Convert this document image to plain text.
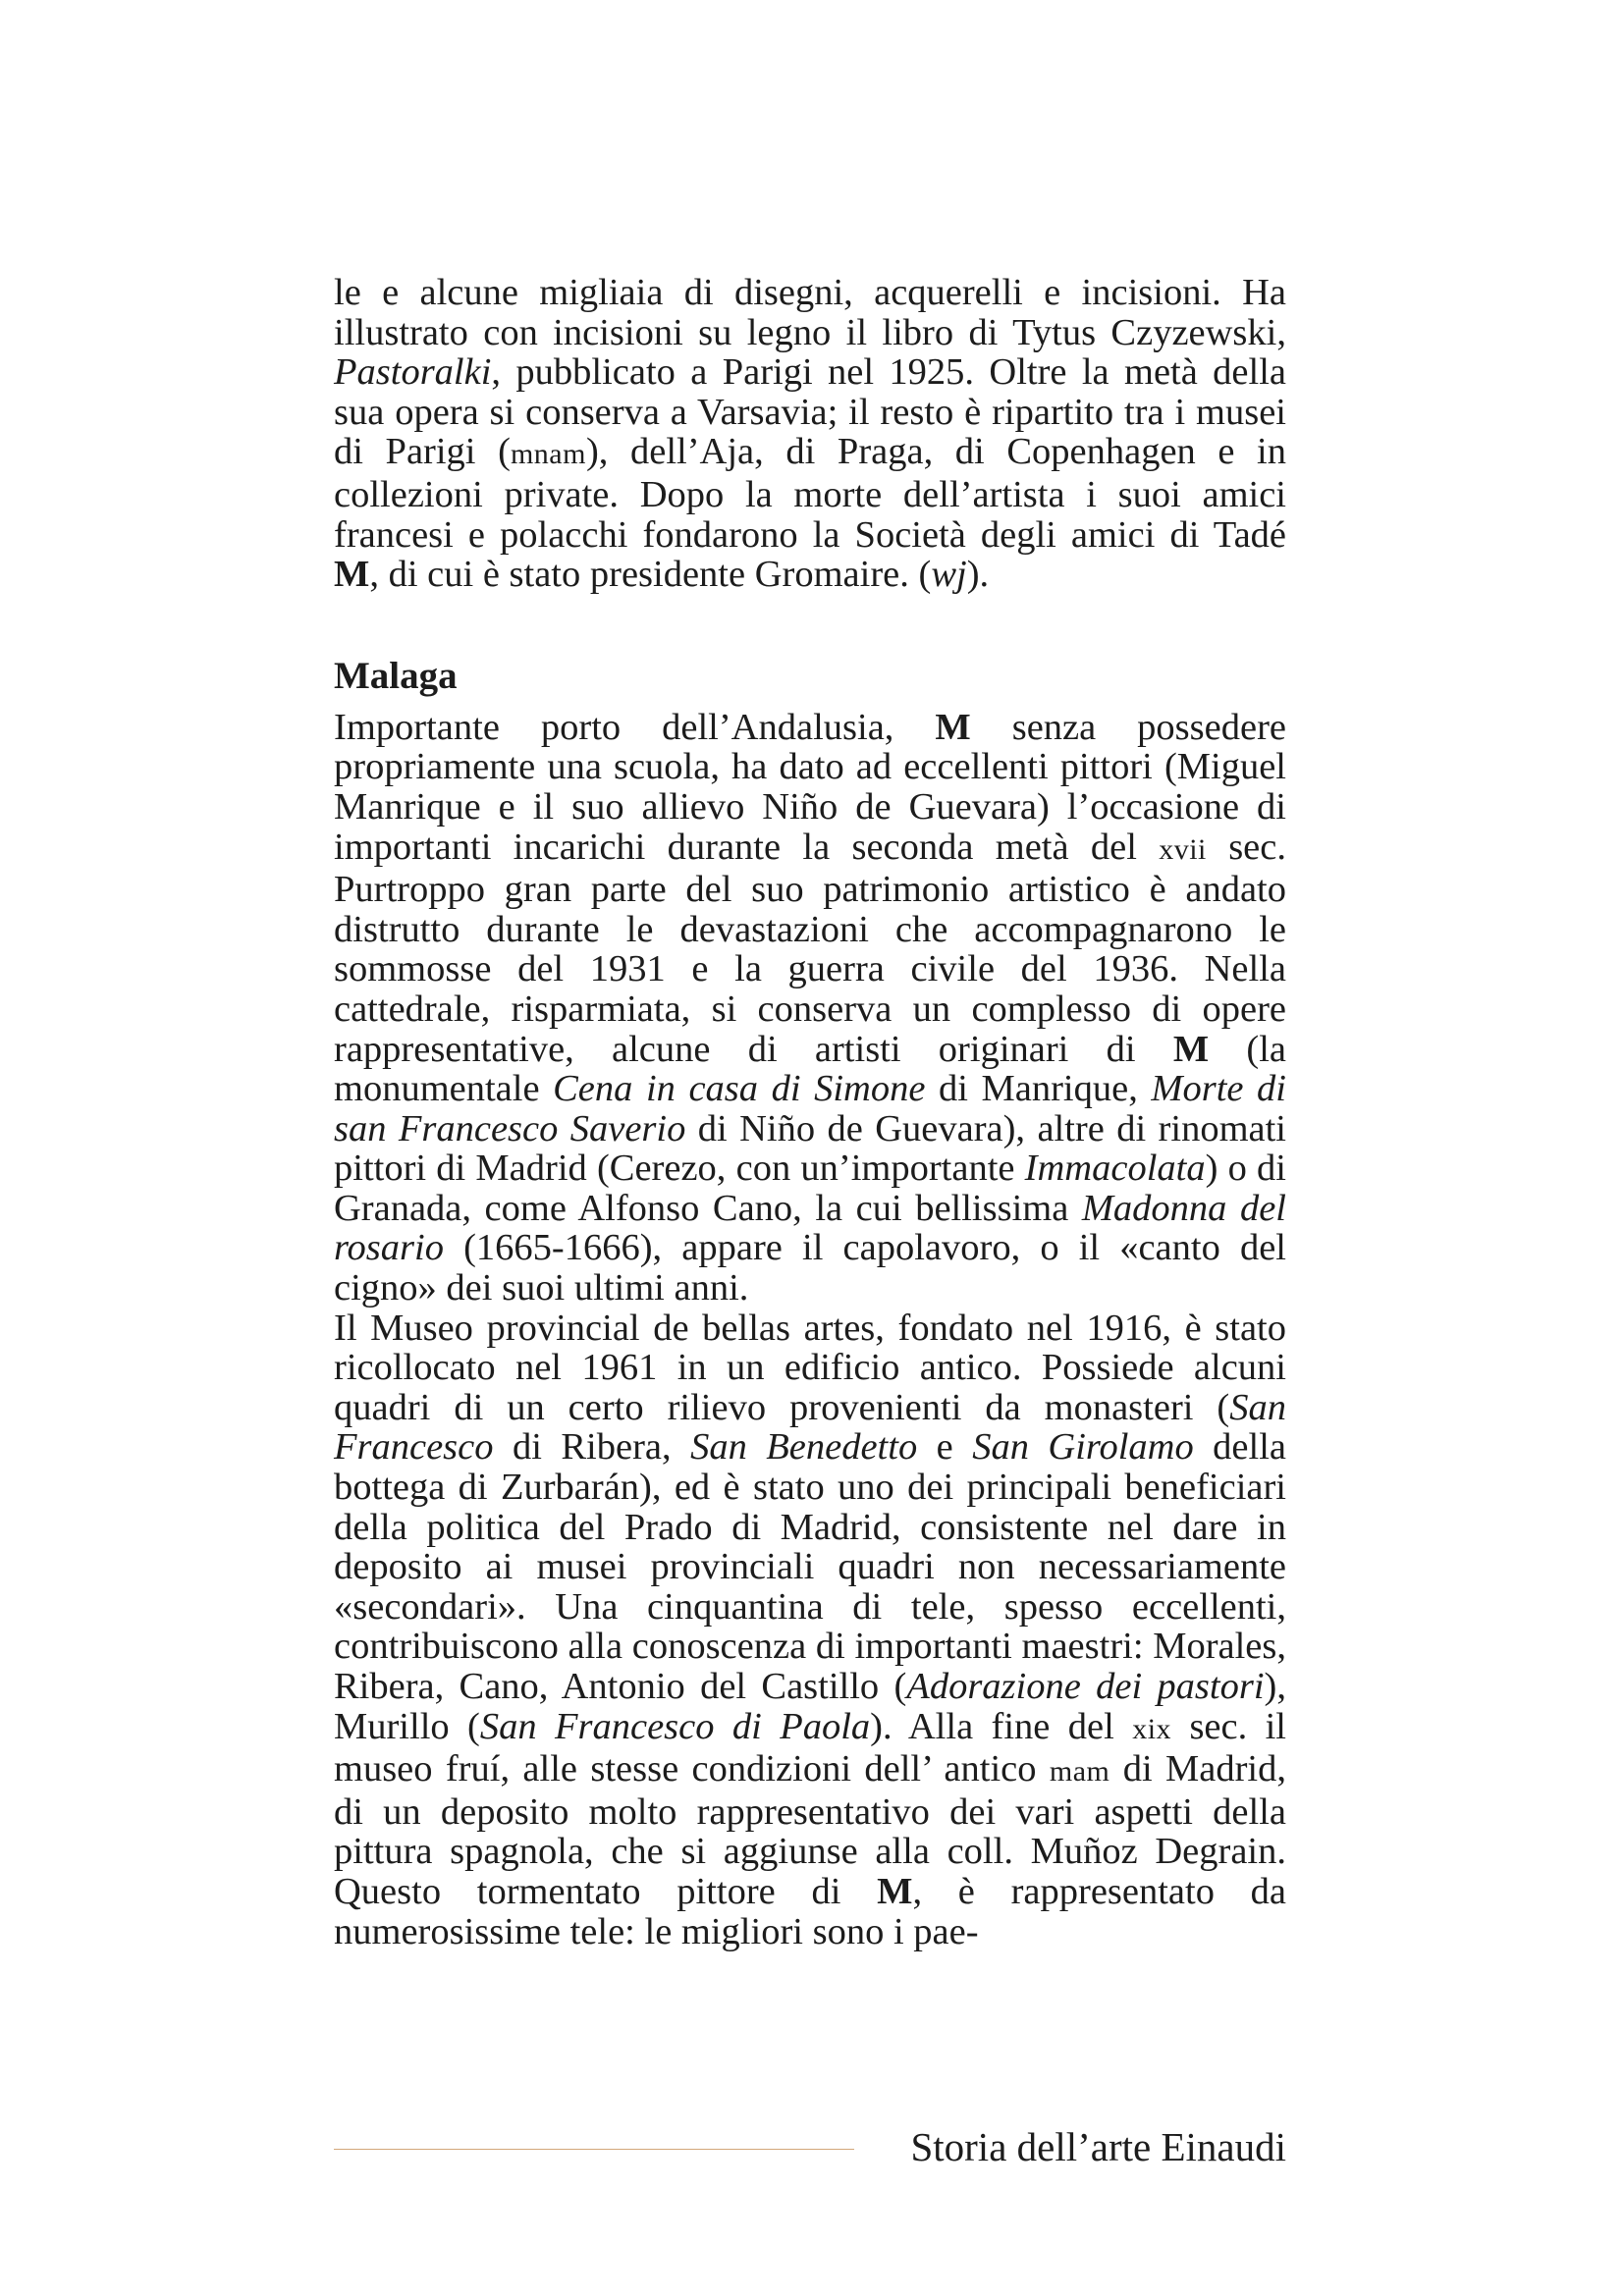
le e alcune migliaia di disegni, acquerelli e incisioni. Ha illustrato con incisioni su legno il libro di Tytus Czyzewski, Pastoralki, pubblicato a Parigi nel 1925. Oltre la metà della sua opera si conserva a Varsavia; il resto è ripartito tra i musei di Parigi (mnam), dell’Aja, di Praga, di Copenhagen e in collezioni private. Dopo la morte dell’artista i suoi amici francesi e polacchi fondarono la Società degli amici di Tadé M, di cui è stato presidente Gromaire. (wj).

Malaga

Importante porto dell’Andalusia, M senza possedere propriamente una scuola, ha dato ad eccellenti pittori (Miguel Manrique e il suo allievo Niño de Guevara) l’occasione di importanti incarichi durante la seconda metà del xvii sec. Purtroppo gran parte del suo patrimonio artistico è andato distrutto durante le devastazioni che accompagnarono le sommosse del 1931 e la guerra civile del 1936. Nella cattedrale, risparmiata, si conserva un complesso di opere rappresentative, alcune di artisti originari di M (la monumentale Cena in casa di Simone di Manrique, Morte di san Francesco Saverio di Niño de Guevara), altre di rinomati pittori di Madrid (Cerezo, con un’importante Immacolata) o di Granada, come Alfonso Cano, la cui bellissima Madonna del rosario (1665-1666), appare il capolavoro, o il «canto del cigno» dei suoi ultimi anni.

Il Museo provincial de bellas artes, fondato nel 1916, è stato ricollocato nel 1961 in un edificio antico. Possiede alcuni quadri di un certo rilievo provenienti da monasteri (San Francesco di Ribera, San Benedetto e San Girolamo della bottega di Zurbarán), ed è stato uno dei principali beneficiari della politica del Prado di Madrid, consistente nel dare in deposito ai musei provinciali quadri non necessariamente «secondari». Una cinquantina di tele, spesso eccellenti, contribuiscono alla conoscenza di importanti maestri: Morales, Ribera, Cano, Antonio del Castillo (Adorazione dei pastori), Murillo (San Francesco di Paola). Alla fine del xix sec. il museo fruí, alle stesse condizioni dell’ antico mam di Madrid, di un deposito molto rappresentativo dei vari aspetti della pittura spagnola, che si aggiunse alla coll. Muñoz Degrain. Questo tormentato pittore di M, è rappresentato da numerosissime tele: le migliori sono i pae-

Storia dell’arte Einaudi
